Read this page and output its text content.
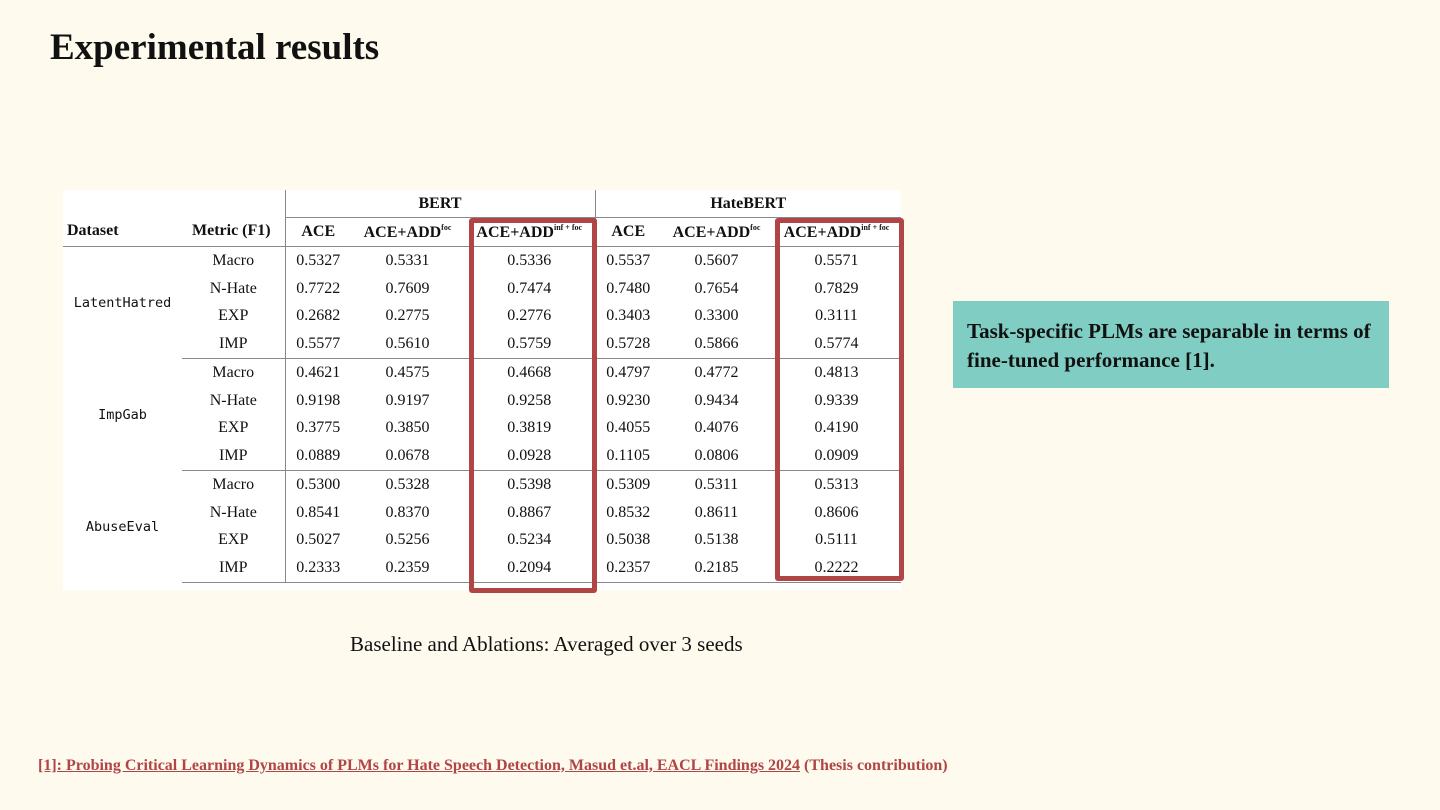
Experimental results
Dataset	Metric (F1)	BERT			HateBERT		
		ACE	$ACE+ADD^{foc}$	$ACE+ADD^{inf + foc}$	ACE	$ACE+ADD^{foc}$	$ACE+ADD^{inf + foc}$
LatentHatred	Macro	0.5327	0.5331	0.5336	0.5537	0.5607	0.5571
	N-Hate	0.7722	0.7609	0.7474	0.7480	0.7654	0.7829
	EXP	0.2682	0.2775	0.2776	0.3403	0.3300	0.3111
	IMP	0.5577	0.5610	0.5759	0.5728	0.5866	0.5774
ImpGab	Macro	0.4621	0.4575	0.4668	0.4797	0.4772	0.4813
	N-Hate	0.9198	0.9197	0.9258	0.9230	0.9434	0.9339
	EXP	0.3775	0.3850	0.3819	0.4055	0.4076	0.4190
	IMP	0.0889	0.0678	0.0928	0.1105	0.0806	0.0909
AbuseEval	Macro	0.5300	0.5328	0.5398	0.5309	0.5311	0.5313
	N-Hate	0.8541	0.8370	0.8867	0.8532	0.8611	0.8606
	EXP	0.5027	0.5256	0.5234	0.5038	0.5138	0.5111
	IMP	0.2333	0.2359	0.2094	0.2357	0.2185	0.2222
Baseline and Ablations: Averaged over 3 seeds
Task-specific PLMs are separable in terms of fine-tuned performance [1].
[1]: Probing Critical Learning Dynamics of PLMs for Hate Speech Detection, Masud et.al, EACL Findings 2024 (Thesis contribution)
